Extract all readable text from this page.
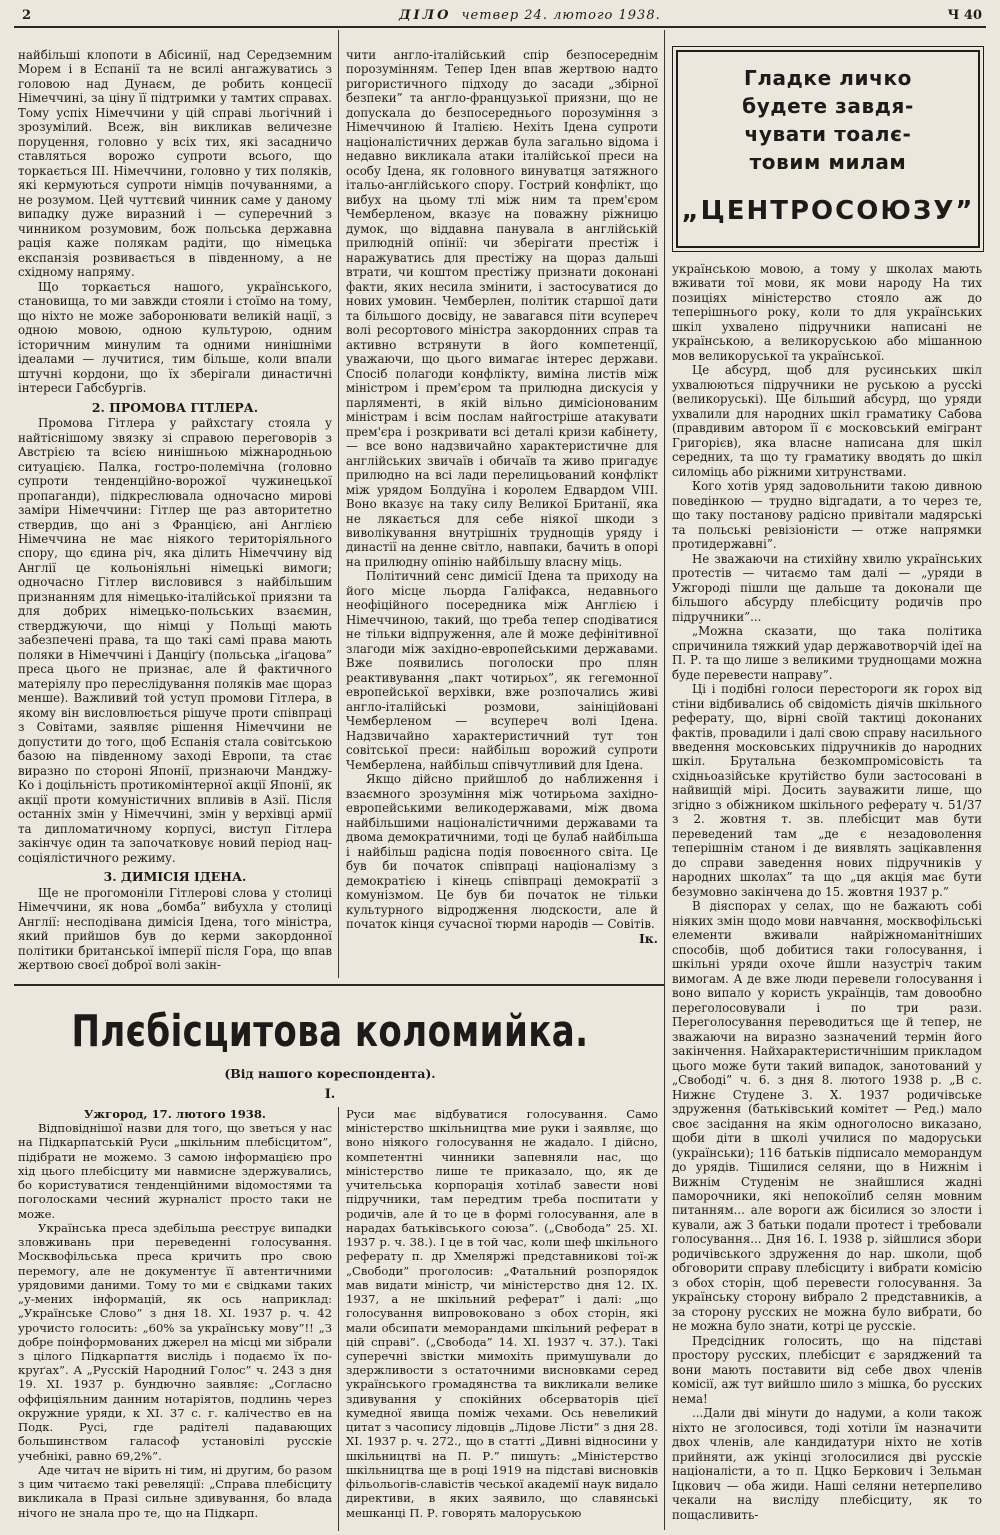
2	ДІЛО четвер 24. лютого 1938.	Ч 40

найбільші клопоти в Абісинії, над Середземним Морем і в Еспанії та не всилі ангажуватись з головою над Дунаєм, де робить концесії Німеччині, за ціну її підтримки у тамтих справах. Тому успіх Німеччини у цій справі льогічний і зрозумілий. Всеж, він викликав величезне поруцення, головно у всіх тих, які засадничо ставляться ворожо супроти всього, що торкається ІІІ. Німеччини, головно у тих поляків, які кермуються супроти німців почуваннями, а не розумом. Цей чуттєвий чинник саме у даному випадку дуже виразний і — суперечний з чинником розумовим, бож польська державна рація каже полякам радіти, що німецька експанзія розвивається в південному, а не східному напряму.

Що торкається нашого, українського, становища, то ми завжди стояли і стоїмо на тому, що ніхто не може заборонювати великій нації, з одною мовою, одною культурою, одним історичним минулим та одними нинішніми ідеалами — лучитися, тим більше, коли впали штучні кордони, що їх зберігали династичні інтереси Габсбургів.

2. ПРОМОВА ГІТЛЕРА.

Промова Гітлера у райхстагу стояла у найтіснішому звязку зі справою переговорів з Австрією та всією нинішньою міжнародньою ситуацією. Палка, гостро-полемічна (головно супроти тенденційно-ворожої чужинецької пропаганди), підкреслювала одночасно мирові заміри Німеччини: Гітлер ще раз авторитетно ствердив, що ані з Францією, ані Англією Німеччина не має ніякого територіяльного спору, що єдина річ, яка ділить Німеччину від Англії це кольоніяльні німецькі вимоги; одночасно Гітлер висловився з найбільшим признанням для німецько-італійської приязни та для добрих німецько-польських взаємин, стверджуючи, що німці у Польщі мають забезпечені права, та що такі самі права мають поляки в Німеччині і Данціґу (польська „іґацова” преса цього не признає, але й фактичного матеріялу про переслідування поляків має щораз менше). Важливий той уступ промови Гітлера, в якому він висловлюється рішуче проти співпраці з Совітами, заявляє рішення Німеччини не допустити до того, щоб Еспанія стала совітською базою на південному заході Европи, та стає виразно по стороні Японії, признаючи Манджу-Ко і доцільність протикомінтерної акції Японії, як акції проти комуністичних впливів в Азії. Після останніх змін у Німеччині, змін у верхівці армії та дипломатичному корпусі, виступ Гітлера закінчує один та започатковує новий період нац-соціялістичного режиму.

3. ДИМІСІЯ ІДЕНА.

Ще не прогомоніли Гітлерові слова у столиці Німеччини, як нова „бомба” вибухла у столиці Англії: несподівана димісія Ідена, того міністра, який прийшов був до керми закордонної політики британської імперії після Гора, що впав жертвою своєї доброї волі закін-

чити англо-італійський спір безпосереднім порозумінням. Тепер Іден впав жертвою надто ригористичного підходу до засади „збірної безпеки” та англо-французької приязни, що не допускала до безпосереднього порозуміння з Німеччиною й Італією. Нехіть Ідена супроти націоналістичних держав була загально відома і недавно викликала атаки італійської преси на особу Ідена, як головного винуватця затяжного італьо-англійського спору. Гострий конфлікт, що вибух на цьому тлі між ним та прем'єром Чемберленом, вказує на поважну ріжницю думок, що віддавна панувала в англійській прилюдній опінії: чи зберігати престіж і наражуватись для престіжу на щораз дальші втрати, чи коштом престіжу признати доконані факти, яких несила змінити, і застосуватися до нових умовин. Чемберлен, політик старшої дати та більшого досвіду, не завагався піти всупереч волі ресортового міністра закордонних справ та активно встрянути в його компетенції, уважаючи, що цього вимагає інтерес держави. Спосіб полагоди конфлікту, виміна листів між міністром і прем'єром та прилюдна дискусія у парляменті, в якій вільно димісіонованим міністрам і всім послам найгостріше атакувати прем'єра і розкривати всі деталі кризи кабінету, — все воно надзвичайно характеристичне для англійських звичаїв і обичаїв та живо пригадує прилюдно на всі лади перелицьований конфлікт між урядом Болдуїна і королем Едвардом VIII. Воно вказує на таку силу Великої Британії, яка не лякається для себе ніякої шкоди з виволікування внутрішніх труднощів уряду і династії на денне світло, навпаки, бачить в опорі на прилюдну опінію найбільшу власну міць.

Політичний сенс димісії Ідена та приходу на його місце льорда Галіфакса, недавнього неофіційного посередника між Англією і Німеччиною, такий, що треба тепер сподіватися не тільки відпруження, але й може дефінітивної злагоди між західно-европейськими державами. Вже появились поголоски про плян реактивування „пакт чотирьох”, як гегемонної европейської верхівки, вже розпочались живі англо-італійські розмови, заініційовані Чемберленом — всупереч волі Ідена. Надзвичайно характеристичний тут тон совітської преси: найбільш ворожий супроти Чемберлена, найбільш співчутливий для Ідена.

Якщо дійсно прийшлоб до наближення і взаємного зрозуміння між чотирьома західно-европейськими великодержавами, між двома найбільшими націоналістичними державами та двома демократичними, тоді це булаб найбільша і найбільш радісна подія повоєнного світа. Це був би початок співпраці націоналізму з демократією і кінець співпраці демократії з комунізмом. Це був би початок не тільки культурного відродження людскости, але й початок кінця сучасної тюрми народів — Совітів.

Ік.
Гладке личко
будете завдя-
чувати тоалє-
товим милам
„ЦЕНТРОСОЮЗУ”

українською мовою, а тому у школах мають вживати тої мови, як мови народу На тих позиціях міністерство стояло аж до теперішнього року, коли то для українських шкіл ухвалено підручники написані не українською, а великоруською або мішанною мов великоруської та української.

Це абсурд, щоб для русинських шкіл ухвалюються підручники не руською а руссkі (великоруські). Ще більший абсурд, що уряди ухвалили для народних шкіл граматику Сабова (правдивим автором її є московський емігрант Григорієв), яка власне написана для шкіл середних, та що ту граматику вводять до шкіл силоміць або ріжними хитрунствами.

Кого хотів уряд задовольнити такою дивною поведінкою — трудно відгадати, а то через те, що таку постанову радісно привітали мадярські та польські ревізіоністи — отже напрямки протидержавні”.

Не зважаючи на стихійну хвилю українських протестів — читаємо там далі — „уряди в Ужгороді пішли ще дальше та доконали ще більшого абсурду плебісциту родичів про підручники”...

„Можна сказати, що така політика спричинила тяжкий удар державотворчій ідеї на П. Р. та що лише з великими труднощами можна буде перевести направу”.

Ці і подібні голоси перестороги як горох від стіни відбивались об свідомість діячів шкільного реферату, що, вірні своїй тактиці доконаних фактів, провадили і далі свою справу насильного введення московських підручників до народних шкіл. Брутальна безкомпромісовість та східньоазійське крутійство були застосовані в найвищій мірі. Досить зауважити лише, що згідно з обіжником шкільного реферату ч. 51/37 з 2. жовтня т. зв. плебісцит мав бути переведений там „де є незадоволення теперішнім станом і де виявлять зацікавлення до справи заведення нових підручників у народних школах” та що „ця акція має бути безумовно закінчена до 15. жовтня 1937 р.”

В діяспорах у селах, що не бажають собі ніяких змін щодо мови навчання, москвофільські елементи вживали найріжноманітніших способів, щоб добитися таки голосування, і шкільні уряди охоче йшли назустріч таким вимогам. А де вже люди перевели голосування і воно випало у користь українців, там довообно переголосовували і по три рази. Переголосування переводиться ще й тепер, не зважаючи на виразно зазначений термін його закінчення. Найхарактеристичнішим прикладом цього може бути такий випадок, занотований у „Свободі” ч. 6. з дня 8. лютого 1938 р. „В с. Нижнє Студене 3. Х. 1937 родичівське здруження (батьківський комітет — Ред.) мало своє засідання на якім одноголосно виказано, щоби діти в школі училися по мадоруськи (українськи); 116 батьків підписало меморандум до урядів. Тішилися селяни, що в Нижнім і Вижнім Студенім не знайшлися жадні паморочники, які непокоїлиб селян мовним питанням... але вороги аж бісилися зо злости і кували, аж 3 батьки подали протест і требовали голосування... Дня 16. І. 1938 р. зійшлися збори родичівського здруження до нар. школи, щоб обговорити справу плебісциту і вибрати комісію з обох сторін, щоб перевести голосування. За українську сторону вибрало 2 представників, а за сторону русских не можна було вибрати, бо не можна було знати, котрі це русскіе.

Предсідник голосить, що на підставі простору русских, плебісцит є заряджений та вони мають поставити від себе двох членів комісії, аж тут вийшло шило з мішка, бо русских нема!

...Дали дві мінути до надуми, а коли також ніхто не зголосився, тоді хотіли їм назначити двох членів, але кандидатури ніхто не хотів прийняти, аж укінці зголосилися дві русскіе націоналісти, а то п. Ццко Беркович і Зельман Іцкович — оба жиди. Наші селяни нетерпеливо чекали на висліду плебісциту, як то пощасливить-

Плєбісцитова коломийка.
(Від нашого кореспондента).
І.

Ужгород, 17. лютого 1938.

Відповіднішої назви для того, що зветься у нас на Підкарпатській Руси „шкільним плебісцитом”, підібрати не можемо. З самою інформацією про хід цього плебісциту ми навмисне здержувались, бо користуватися тенденційними відомостями та поголосками чесний журналіст просто таки не може.

Українська преса здебільша реєструє випадки зловживань при переведенні голосування. Москвофільська преса кричить про свою перемогу, але не документує її автентичними урядовими даними. Тому то ми є свідками таких „у-мених інформацій, як ось наприклад: „Українське Слово” з дня 18. ХІ. 1937 р. ч. 42 урочисто голосить: „60% за українську мову”!! „З добре поінформованих джерел на місці ми зібрали з цілого Підкарпаття вислідь і подаємо їх по-круґах”. А „Русскій Народний Голос” ч. 243 з дня 19. ХІ. 1937 р. бундючно заявляє: „Согласно оффиціяльним данним нотаріятов, подлинь через окружние уряди, к ХІ. 37 с. г. калічество ев на Подк. Русі, где радітелі падавающих большинством галасоф установілі русскіе учебнікі, равно 69,2%”.

Аде читач не вірить ні тим, ні другим, бо разом з цим читаємо такі ревеляції: „Справа плебісциту викликала в Празі сильне здивування, бо влада нічого не знала про те, що на Підкарп.

Руси має відбуватися голосування. Само міністерство шкільництва мие руки і заявляє, що воно ніякого голосування не жадало. І дійсно, компетентні чинники запевняли нас, що міністерство лише те приказало, що, як де учительська корпорація хотілаб завести нові підручники, там передтим треба поспитати у родичів, але й то це в формі голосування, але в нарадах батьківського союза”. („Свобода” 25. ХІ. 1937 р. ч. 38.). І це в той час, коли шеф шкільного реферату п. др Хмеляржі представникові тої-ж „Свободи” проголосив: „Фатальний розпорядок мав видати міністр, чи міністерство дня 12. ІХ. 1937, а не шкільний реферат” і далі: „що голосування випровоковано з обох сторін, які мали обсипати меморандами шкільний реферат в цій справі”. („Свобода” 14. ХІ. 1937 ч. 37.). Такі суперечні звістки мимохіть примушували до здержливости з остаточними висновками серед українського громадянства та викликали велике здивування у спокійних обсерваторів цієї кумедної явища поміж чехами. Ось невеликий цитат з часопису лідовців „Лідове Лісти” з дня 28. ХІ. 1937 р. ч. 272., що в статті „Дивні відносини у шкільництві на П. Р.” пишуть: „Міністерство шкільництва ще в році 1919 на підставі висновків фільольогів-славістів чеської академії наук видало директиви, в яких заявило, що славянські мешканці П. Р. говорять малоруською
